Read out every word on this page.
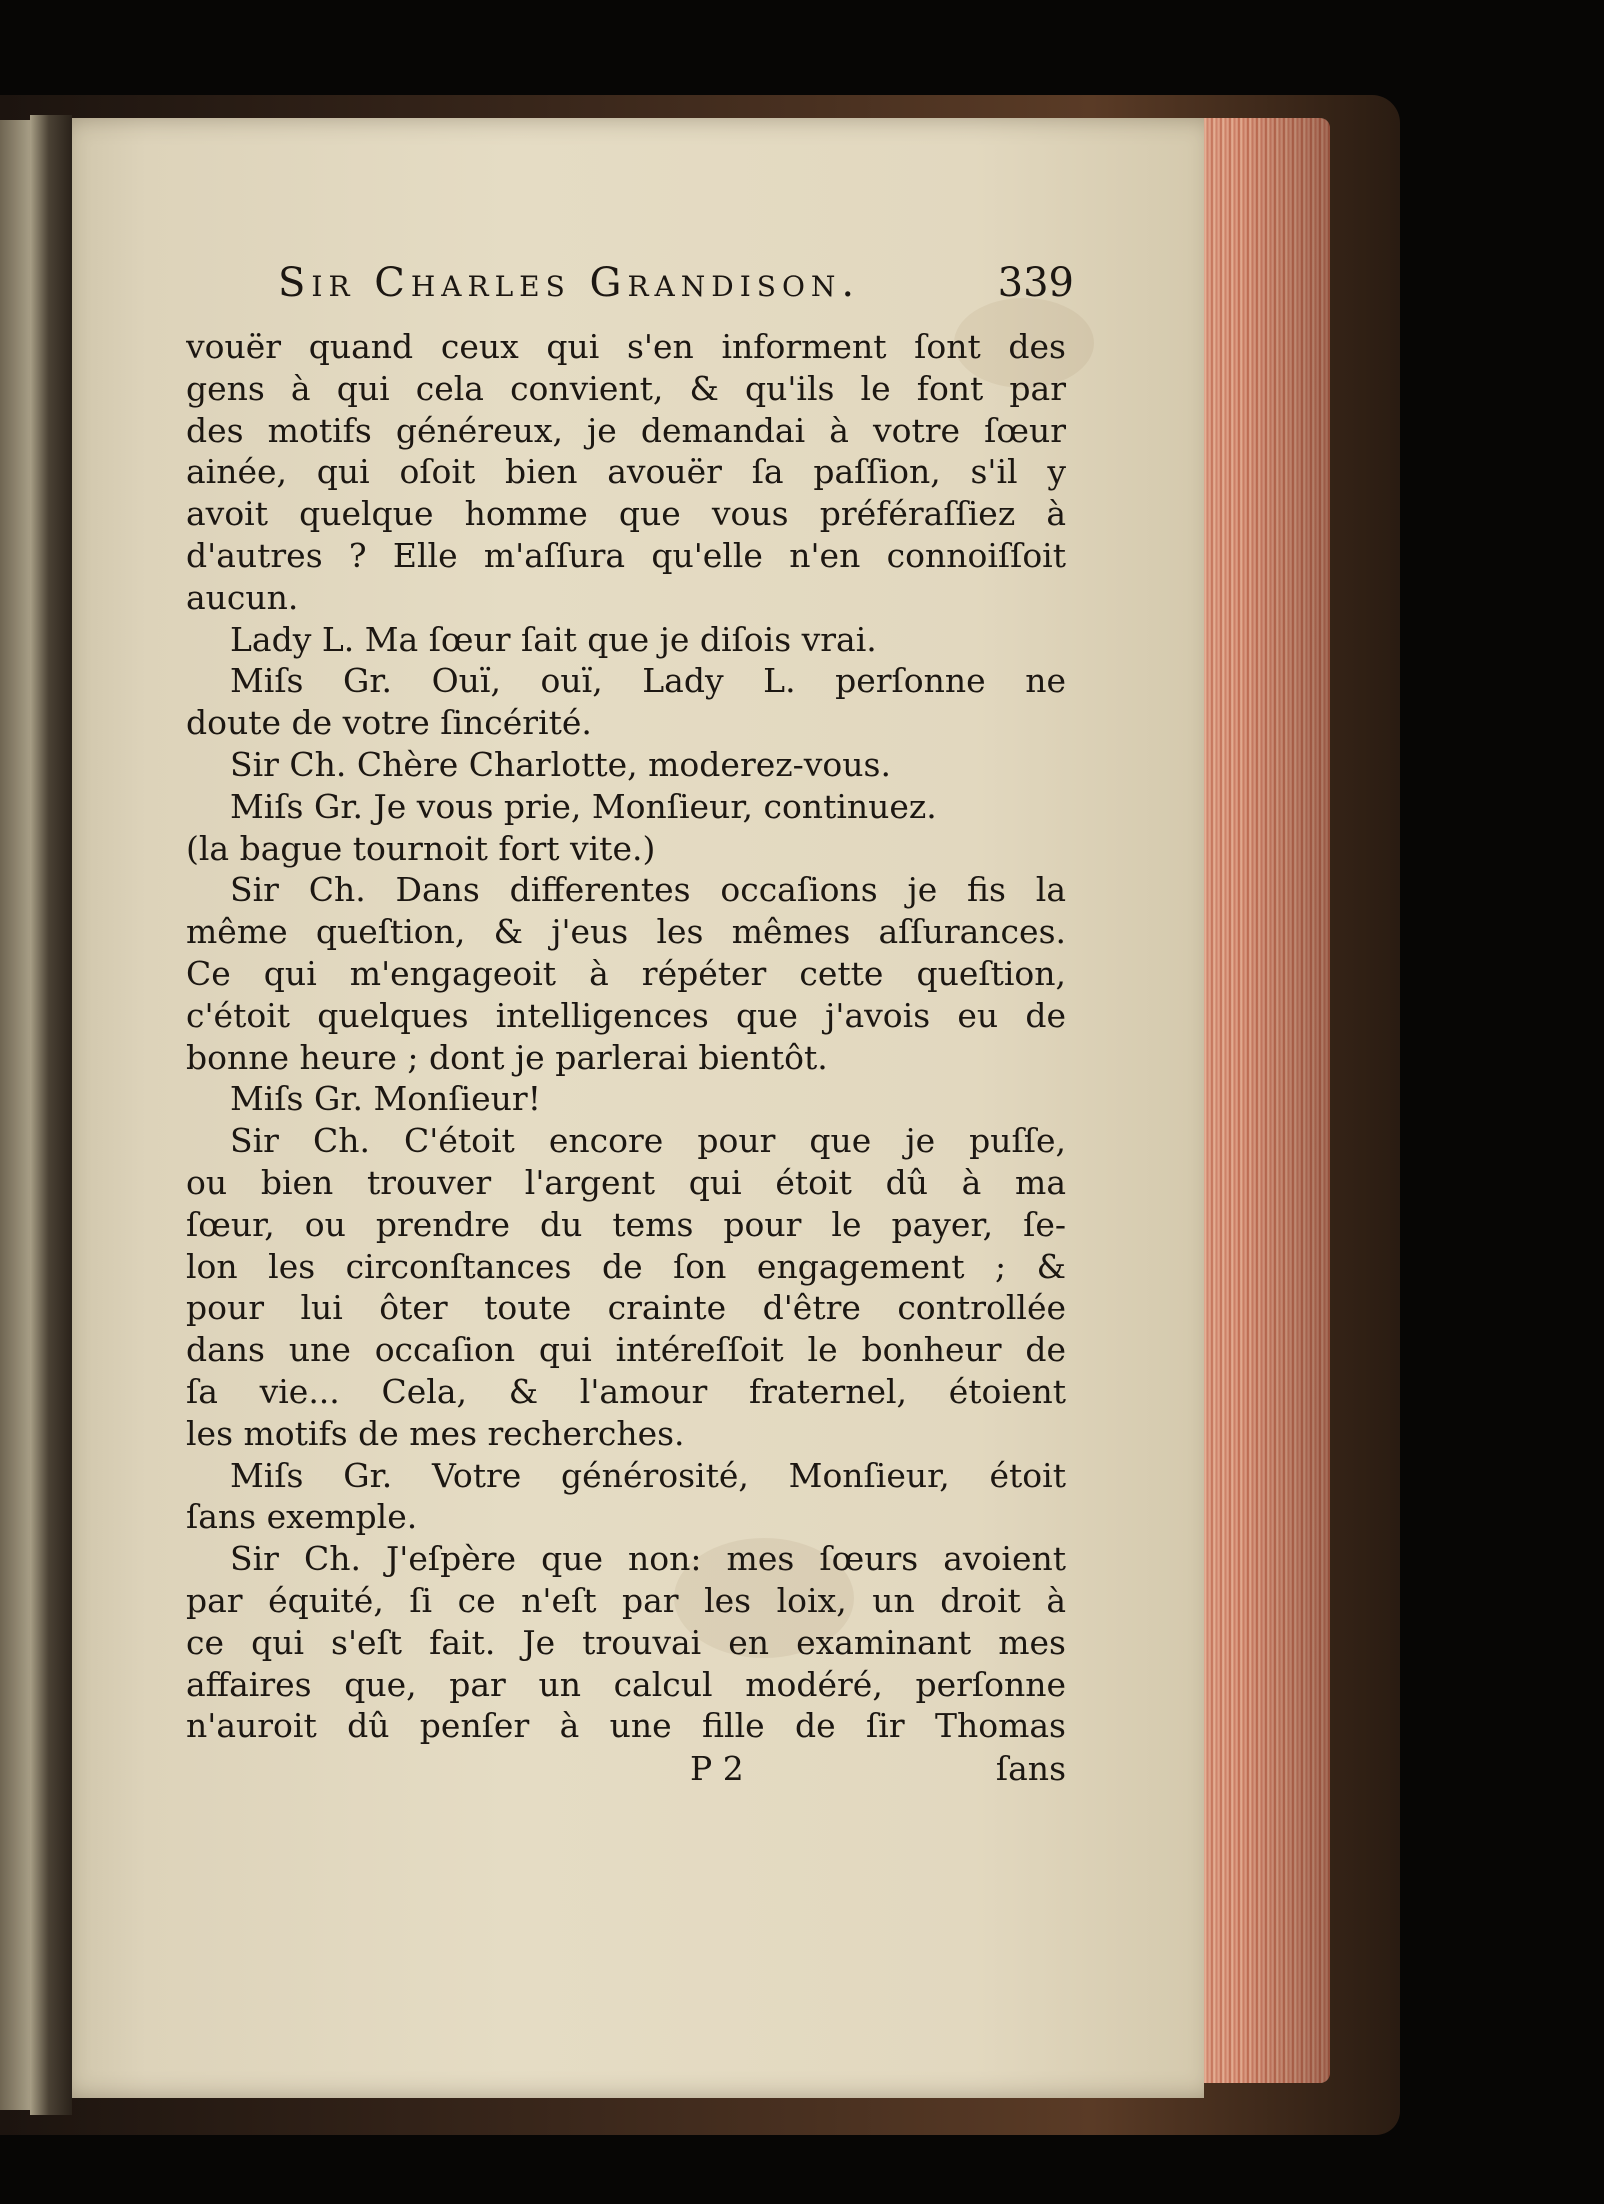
Sir Charles Grandison.	339
vouër quand ceux qui s'en informent ſont des
gens à qui cela convient, & qu'ils le font par
des motifs généreux, je demandai à votre ſœur
ainée, qui oſoit bien avouër ſa paſſion, s'il y
avoit quelque homme que vous préféraſſiez à
d'autres ? Elle m'aſſura qu'elle n'en connoiſſoit
aucun.
Lady L. Ma ſœur ſait que je diſois vrai.
Miſs Gr. Ouï, ouï, Lady L. perſonne ne
doute de votre ſincérité.
Sir Ch. Chère Charlotte, moderez-vous.
Miſs Gr. Je vous prie, Monſieur, continuez.
(la bague tournoit fort vite.)
Sir Ch. Dans differentes occaſions je fis la
même queſtion, & j'eus les mêmes aſſurances.
Ce qui m'engageoit à répéter cette queſtion,
c'étoit quelques intelligences que j'avois eu de
bonne heure ; dont je parlerai bientôt.
Miſs Gr. Monſieur!
Sir Ch. C'étoit encore pour que je puſſe,
ou bien trouver l'argent qui étoit dû à ma
ſœur, ou prendre du tems pour le payer, ſe-
lon les circonſtances de ſon engagement ; &
pour lui ôter toute crainte d'être controllée
dans une occaſion qui intéreſſoit le bonheur de
ſa vie... Cela, & l'amour fraternel, étoient
les motifs de mes recherches.
Miſs Gr. Votre générosité, Monſieur, étoit
ſans exemple.
Sir Ch. J'eſpère que non: mes ſœurs avoient
par équité, ſi ce n'eſt par les loix, un droit à
ce qui s'eſt fait. Je trouvai en examinant mes
affaires que, par un calcul modéré, perſonne
n'auroit dû penſer à une fille de ſir Thomas
P 2	ſans
